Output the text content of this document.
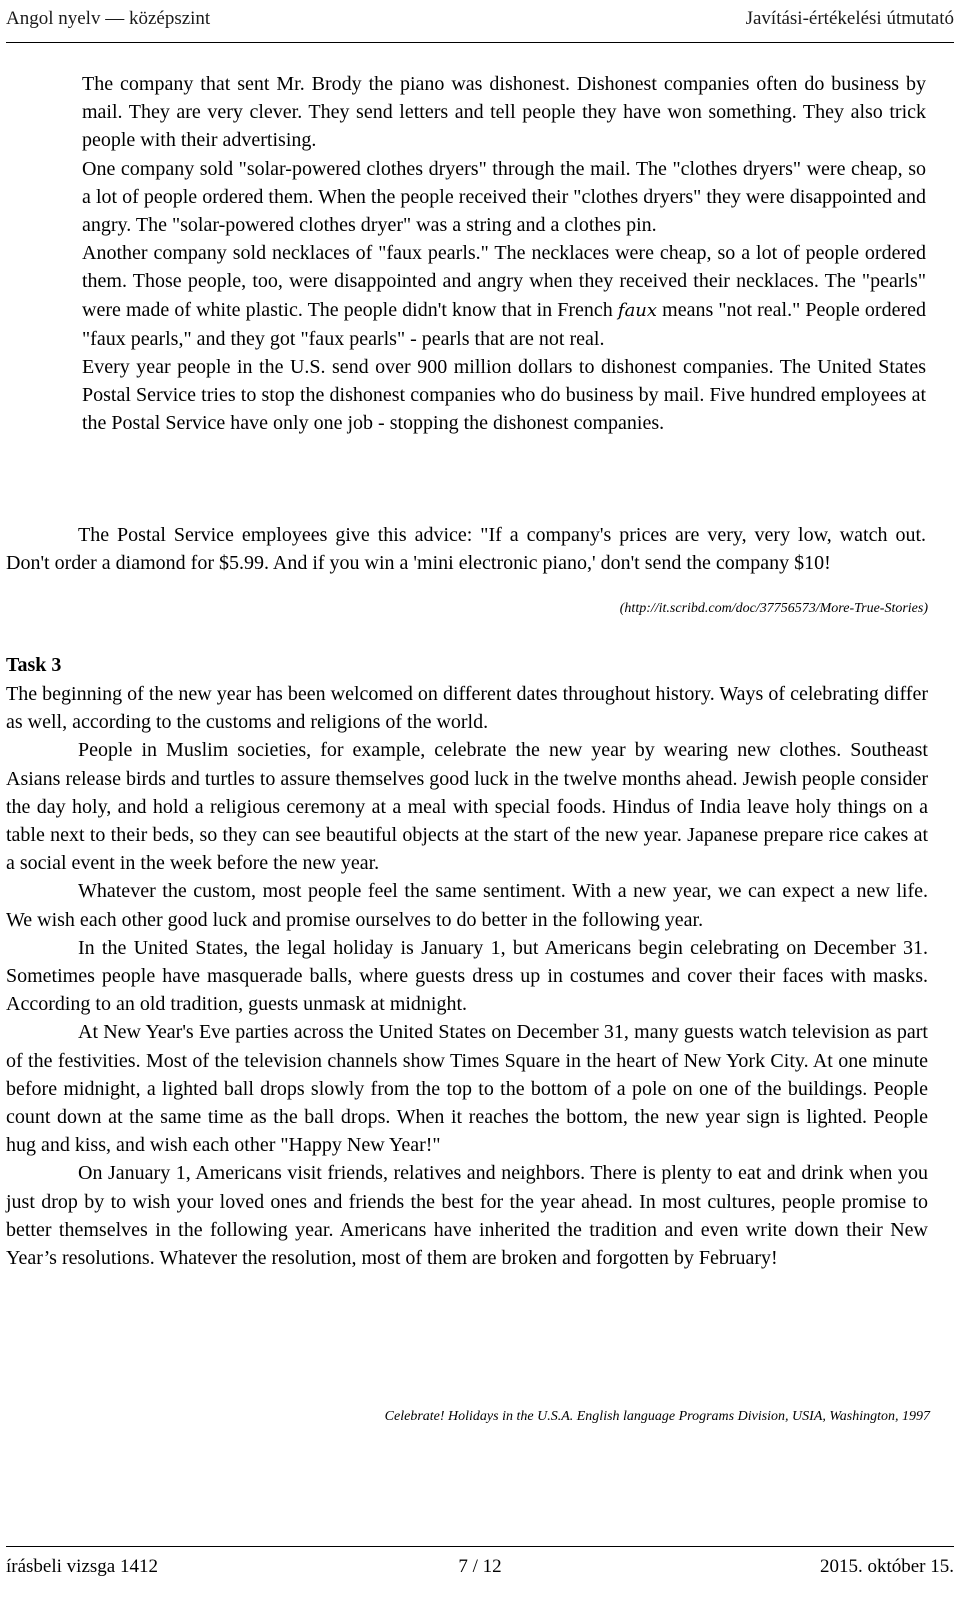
Angol nyelv — középszint	Javítási-értékelési útmutató

The company that sent Mr. Brody the piano was dishonest. Dishonest companies often do business by mail. They are very clever. They send letters and tell people they have won something. They also trick people with their advertising.

One company sold "solar-powered clothes dryers" through the mail. The "clothes dryers" were cheap, so a lot of people ordered them. When the people received their "clothes dryers" they were disappointed and angry. The "solar-powered clothes dryer" was a string and a clothes pin.

Another company sold necklaces of "faux pearls." The necklaces were cheap, so a lot of people ordered them. Those people, too, were disappointed and angry when they received their necklaces. The "pearls" were made of white plastic. The people didn't know that in French faux means "not real." People ordered "faux pearls," and they got "faux pearls" - pearls that are not real.

Every year people in the U.S. send over 900 million dollars to dishonest companies. The United States Postal Service tries to stop the dishonest companies who do business by mail. Five hundred employees at the Postal Service have only one job - stopping the dishonest companies.

The Postal Service employees give this advice: "If a company's prices are very, very low, watch out. Don't order a diamond for $5.99. And if you win a 'mini electronic piano,' don't send the company $10!

(http://it.scribd.com/doc/37756573/More-True-Stories)
Task 3

The beginning of the new year has been welcomed on different dates throughout history. Ways of celebrating differ as well, according to the customs and religions of the world.

People in Muslim societies, for example, celebrate the new year by wearing new clothes. Southeast Asians release birds and turtles to assure themselves good luck in the twelve months ahead. Jewish people consider the day holy, and hold a religious ceremony at a meal with special foods. Hindus of India leave holy things on a table next to their beds, so they can see beautiful objects at the start of the new year. Japanese prepare rice cakes at a social event in the week before the new year.

Whatever the custom, most people feel the same sentiment. With a new year, we can expect a new life. We wish each other good luck and promise ourselves to do better in the following year.

In the United States, the legal holiday is January 1, but Americans begin celebrating on December 31. Sometimes people have masquerade balls, where guests dress up in costumes and cover their faces with masks. According to an old tradition, guests unmask at midnight.

At New Year's Eve parties across the United States on December 31, many guests watch television as part of the festivities. Most of the television channels show Times Square in the heart of New York City. At one minute before midnight, a lighted ball drops slowly from the top to the bottom of a pole on one of the buildings. People count down at the same time as the ball drops. When it reaches the bottom, the new year sign is lighted. People hug and kiss, and wish each other "Happy New Year!"

On January 1, Americans visit friends, relatives and neighbors. There is plenty to eat and drink when you just drop by to wish your loved ones and friends the best for the year ahead. In most cultures, people promise to better themselves in the following year. Americans have inherited the tradition and even write down their New Year’s resolutions. Whatever the resolution, most of them are broken and forgotten by February!

Celebrate! Holidays in the U.S.A. English language Programs Division, USIA, Washington, 1997
írásbeli vizsga 1412	7 / 12	2015. október 15.
